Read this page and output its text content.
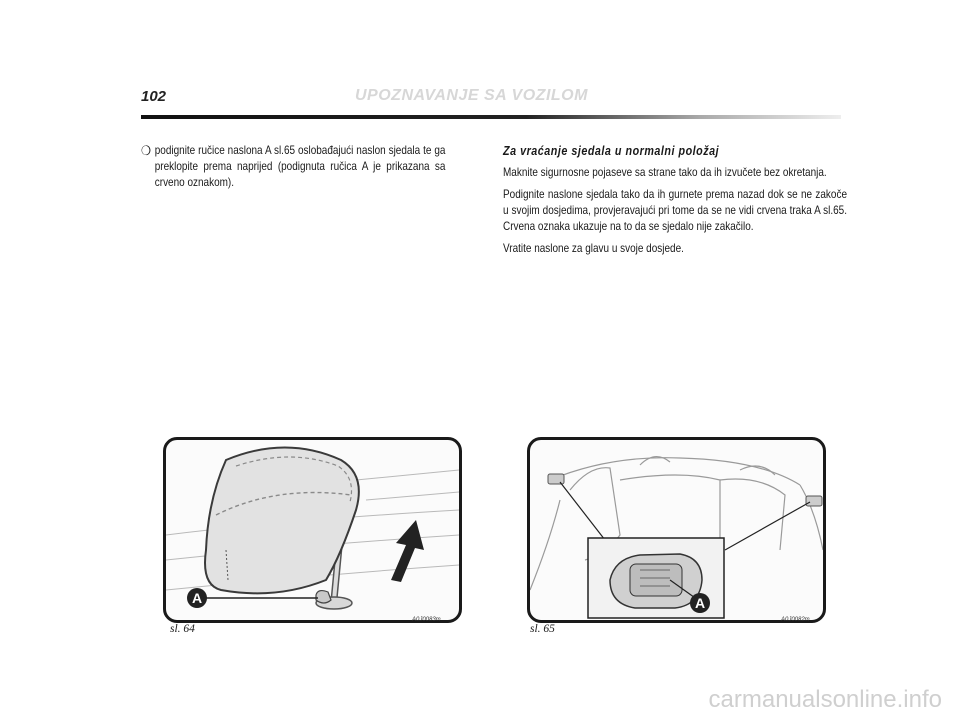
102	UPOZNAVANJE SA VOZILOM
❍ podignite ručice naslona A sl.65 oslobađajući naslon sjedala te ga preklopite prema naprijed (podignuta ručica A je prikazana sa crveno oznakom).
Za vraćanje sjedala u normalni položaj

Maknite sigurnosne pojaseve sa strane tako da ih izvučete bez okretanja.

Podignite naslone sjedala tako da ih gurnete prema nazad dok se ne zakoče u svojim dosjedima, provjeravajući pri tome da se ne vidi crvena traka A sl.65. Crvena oznaka ukazuje na to da se sjedalo nije zakačilo.

Vratite naslone za glavu u svoje dosjede.

A
sl. 64
A0J0083m
A
sl. 65
A0J0082m
carmanualsonline.info
